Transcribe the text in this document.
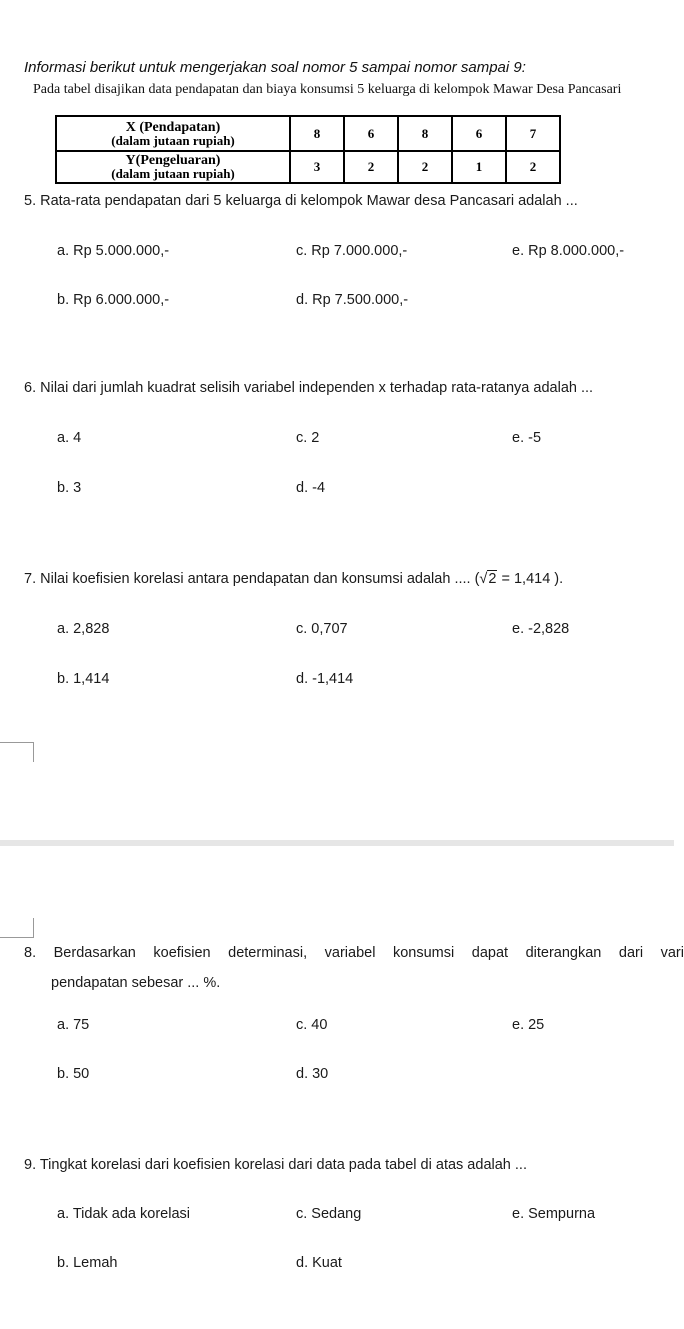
Informasi berikut untuk mengerjakan soal nomor 5 sampai nomor sampai 9:
Pada tabel disajikan data pendapatan dan biaya konsumsi 5 keluarga di kelompok Mawar Desa Pancasari
X (Pendapatan)
(dalam jutaan rupiah)	8	6	8	6	7

Y(Pengeluaran)
(dalam jutaan rupiah)	3	2	2	1	2
5. Rata-rata pendapatan dari 5 keluarga di kelompok Mawar desa Pancasari adalah ...
a. Rp 5.000.000,-	c. Rp 7.000.000,-	e. Rp 8.000.000,-
b. Rp 6.000.000,-	d. Rp 7.500.000,-
6. Nilai dari jumlah kuadrat selisih variabel independen x terhadap rata-ratanya adalah ...
a. 4	c. 2	e. -5
b. 3	d. -4
7. Nilai koefisien korelasi antara pendapatan dan konsumsi adalah .... (√2 = 1,414 ).
a. 2,828	c. 0,707	e. -2,828
b. 1,414	d. -1,414
8. Berdasarkan koefisien determinasi, variabel konsumsi dapat diterangkan dari vari
pendapatan sebesar ... %.
a. 75	c. 40	e. 25
b. 50	d. 30
9. Tingkat korelasi dari koefisien korelasi dari data pada tabel di atas adalah ...
a. Tidak ada korelasi	c. Sedang	e. Sempurna
b. Lemah	d. Kuat
